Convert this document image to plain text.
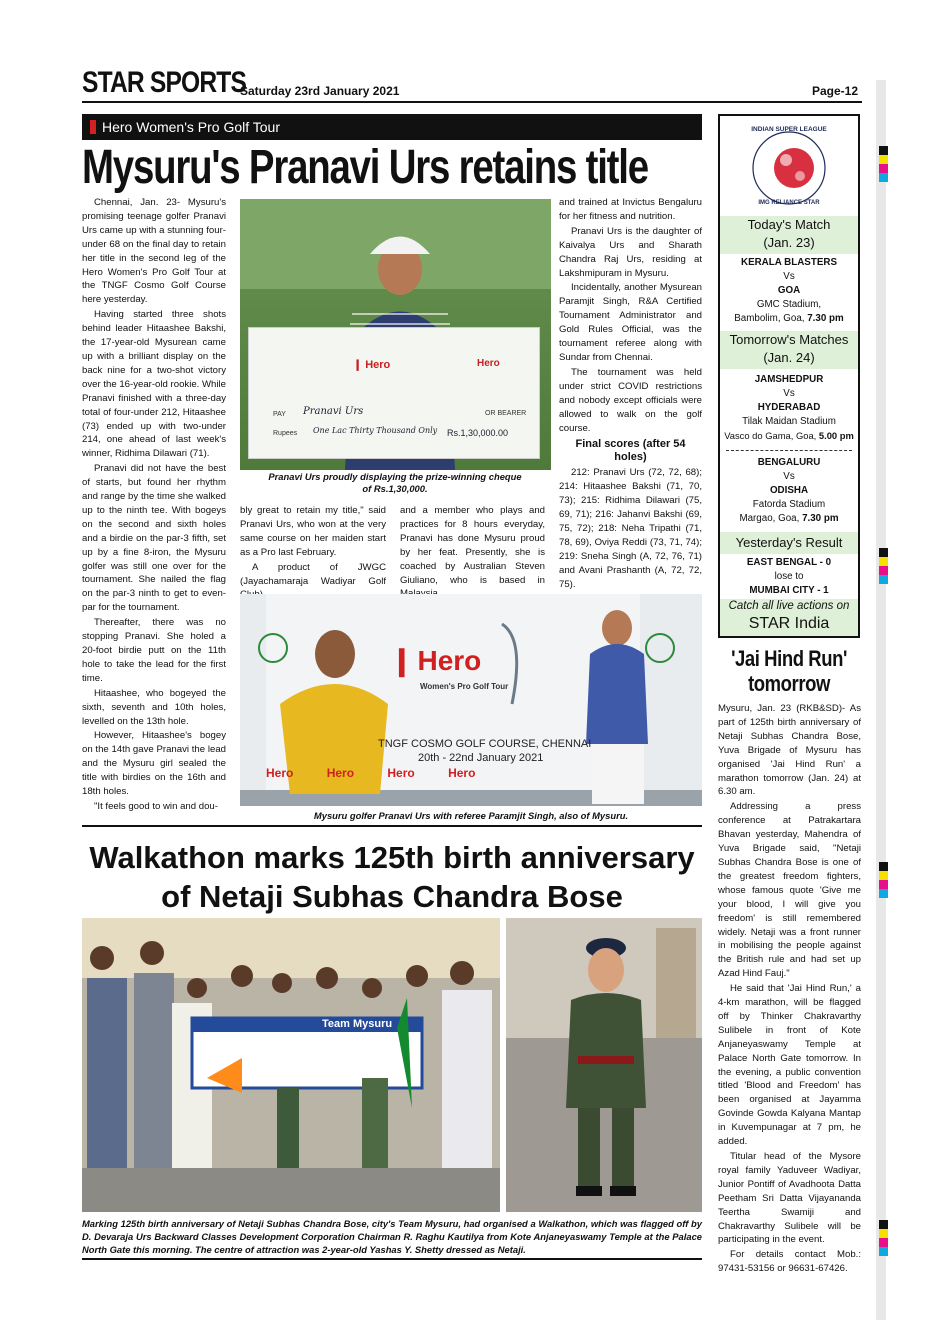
STAR SPORTS
Saturday 23rd January 2021	Page-12
Hero Women's Pro Golf Tour
Mysuru's Pranavi Urs retains title

Chennai, Jan. 23- Mysuru's promising teenage golfer Pranavi Urs came up with a stunning four-under 68 on the final day to retain her title in the second leg of the Hero Women's Pro Golf Tour at the TNGF Cosmo Golf Course here yesterday.

Having started three shots behind leader Hitaashee Bakshi, the 17-year-old Mysurean came up with a brilliant display on the back nine for a two-shot victory over the 16-year-old rookie. While Pranavi finished with a three-day total of four-under 212, Hitaashee (73) ended up with two-under 214, one ahead of last week's winner, Ridhima Dilawari (71).

Pranavi did not have the best of starts, but found her rhythm and range by the time she walked up to the ninth tee. With bogeys on the second and sixth holes and a birdie on the par-3 fifth, set up by a fine 8-iron, the Mysuru golfer was still one over for the tournament. She nailed the flag on the par-3 ninth to get to even-par for the tournament.

Thereafter, there was no stopping Pranavi. She holed a 20-foot birdie putt on the 11th hole to take the lead for the first time.

Hitaashee, who bogeyed the sixth, seventh and 10th holes, levelled on the 13th hole.

However, Hitaashee's bogey on the 14th gave Pranavi the lead and the Mysuru girl sealed the title with birdies on the 16th and 18th holes.

"It feels good to win and dou-

❙ Hero	Hero
PAY Pranavi Urs	OR BEARER
Rupees One Lac Thirty Thousand Only Rs.1,30,000.00
Pranavi Urs proudly displaying the prize-winning cheque of Rs.1,30,000.

bly great to retain my title," said Pranavi Urs, who won at the very same course on her maiden start as a Pro last February.

A product of JWGC (Jayachamaraja Wadiyar Golf

and a member who plays and practices for 8 hours everyday, Pranavi has done Mysuru proud by her feat. Presently, she is coached by Australian Steven Giuliano, who is based in

and trained at Invictus Bengaluru for her fitness and nutrition.

Pranavi Urs is the daughter of Kaivalya Urs and Sharath Chandra Raj Urs, residing at Lakshmipuram in Mysuru.

Incidentally, another Mysurean Paramjit Singh, R&A Certified Tournament Administrator and Gold Rules Official, was the tournament referee along with Sundar from Chennai.

The tournament was held under strict COVID restrictions and nobody except officials were allowed to walk on the golf course.

Final scores (after 54 holes)

212: Pranavi Urs (72, 72, 68); 214: Hitaashee Bakshi (71, 70, 73); 215: Ridhima Dilawari (75, 69, 71); 216: Jahanvi Bakshi (69, 75, 72); 218: Neha Tripathi (71, 78, 69), Oviya Reddi (73, 71, 74); 219: Sneha Singh (A, 72, 76, 71) and Avani Prashanth (A, 72, 72, 75).

❙ Hero
Women's Pro Golf Tour
TNGF COSMO GOLF COURSE, CHENNAI
20th - 22nd January 2021
Hero	Hero	Hero	Hero
Mysuru golfer Pranavi Urs with referee Paramjit Singh, also of Mysuru.
INDIAN SUPER LEAGUE
IMG RELIANCE STAR
Today's Match
(Jan. 23)
KERALA BLASTERS
Vs
GOA
GMC Stadium,
Bambolim, Goa, 7.30 pm
Tomorrow's Matches
(Jan. 24)
JAMSHEDPUR
Vs
HYDERABAD
Tilak Maidan Stadium
Vasco do Gama, Goa, 5.00 pm
BENGALURU
Vs
ODISHA
Fatorda Stadium
Margao, Goa, 7.30 pm
Yesterday's Result
EAST BENGAL - 0
lose to
MUMBAI CITY - 1
Catch all live actions on
STAR India
'Jai Hind Run'
tomorrow

Mysuru, Jan. 23 (RKB&SD)- As part of 125th birth anniversary of Netaji Subhas Chandra Bose, Yuva Brigade of Mysuru has organised 'Jai Hind Run' a marathon tomorrow (Jan. 24) at 6.30 am.

Addressing a press conference at Patrakartara Bhavan yesterday, Mahendra of Yuva Brigade said, "Netaji Subhas Chandra Bose is one of the greatest freedom fighters, whose famous quote 'Give me your blood, I will give you freedom' is still remembered widely. Netaji was a front runner in mobilising the people against the British rule and had set up Azad Hind Fauj."

He said that 'Jai Hind Run,' a 4-km marathon, will be flagged off by Thinker Chakravarthy Sulibele in front of Kote Anjaneyaswamy Temple at Palace North Gate tomorrow. In the evening, a public convention titled 'Blood and Freedom' has been organised at Jayamma Govinde Gowda Kalyana Mantap in Kuvempunagar at 7 pm, he added.

Titular head of the Mysore royal family Yaduveer Wadiyar, Junior Pontiff of Avadhoota Datta Peetham Sri Datta Vijayananda Teertha Swamiji and Chakravarthy Sulibele will be participating in the event.

For details contact Mob.: 97431-53156 or 96631-67426.

Walkathon marks 125th birth anniversary
of Netaji Subhas Chandra Bose
Team Mysuru
Marking 125th birth anniversary of Netaji Subhas Chandra Bose, city's Team Mysuru, had organised a Walkathon, which was flagged off by D. Devaraja Urs Backward Classes Development Corporation Chairman R. Raghu Kautilya from Kote Anjaneyaswamy Temple at the Palace North Gate this morning. The centre of attraction was 2-year-old Yashas Y. Shetty dressed as Netaji.
